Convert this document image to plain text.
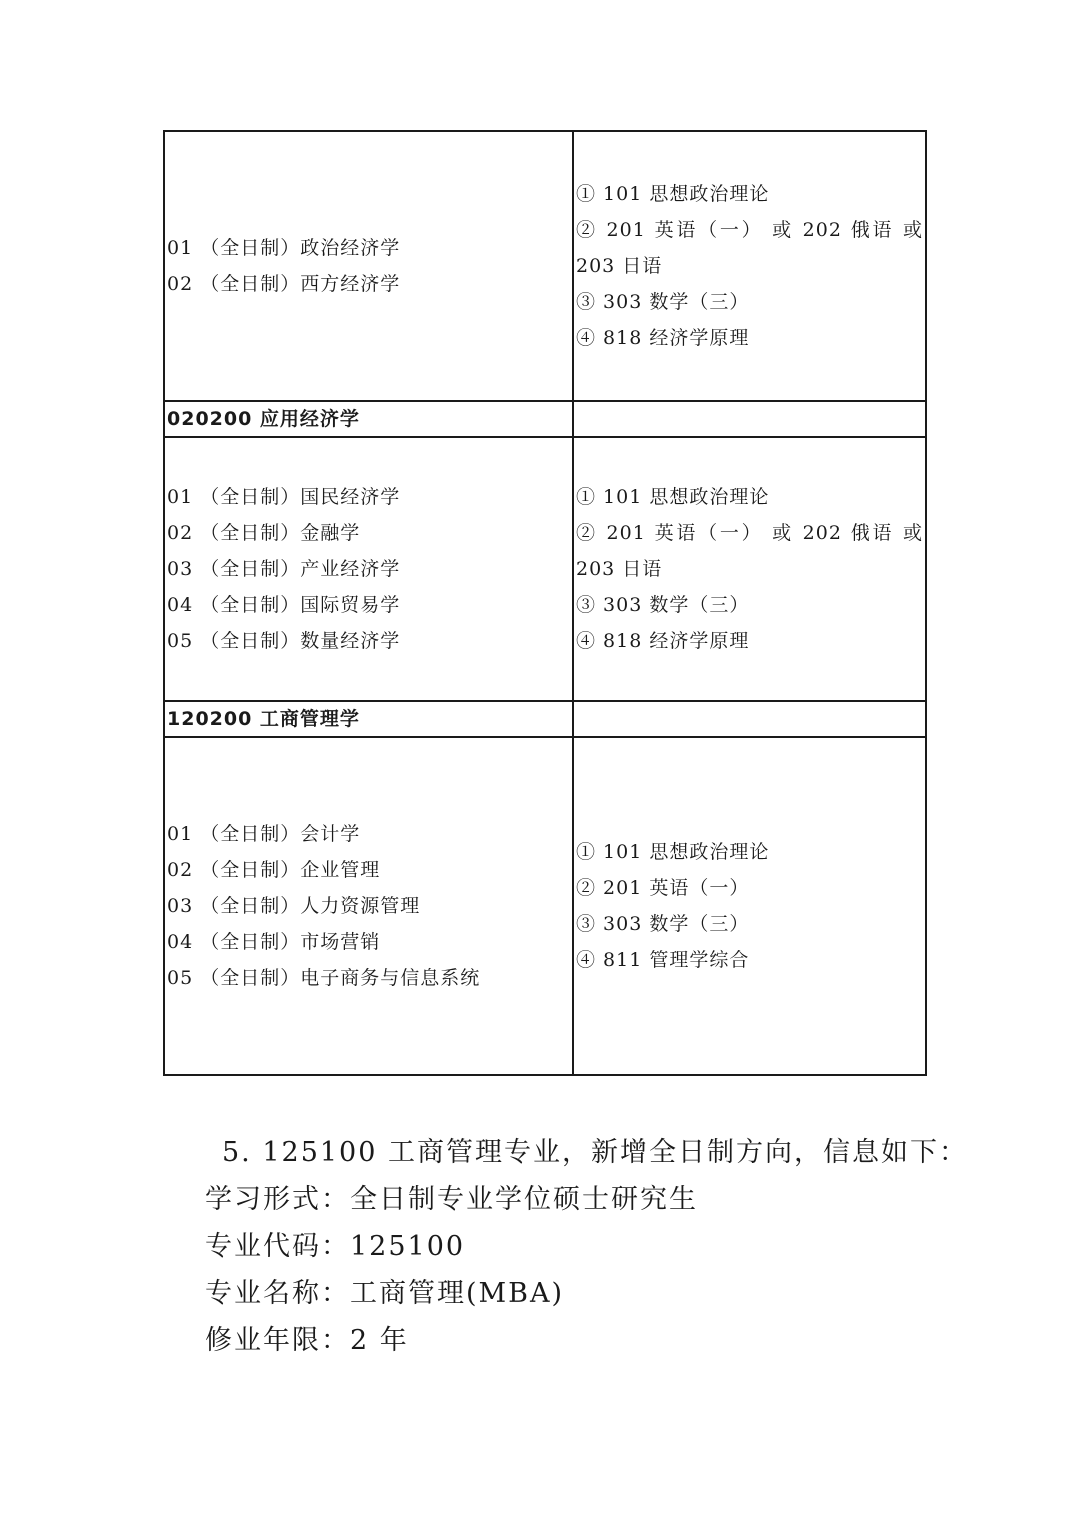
01 （全日制）政治经济学
02 （全日制）西方经济学	① 101 思想政治理论
② 201 英语（一） 或 202 俄语 或
203 日语
③ 303 数学（三）
④ 818 经济学原理

020200 应用经济学	

01 （全日制）国民经济学
02 （全日制）金融学
03 （全日制）产业经济学
04 （全日制）国际贸易学
05 （全日制）数量经济学	① 101 思想政治理论
② 201 英语（一） 或 202 俄语 或
203 日语
③ 303 数学（三）
④ 818 经济学原理

120200 工商管理学	

01 （全日制）会计学
02 （全日制）企业管理
03 （全日制）人力资源管理
04 （全日制）市场营销
05 （全日制）电子商务与信息系统	① 101 思想政治理论
② 201 英语（一）
③ 303 数学（三）
④ 811 管理学综合
5. 125100 工商管理专业，新增全日制方向，信息如下：
学习形式：全日制专业学位硕士研究生
专业代码：125100
专业名称：工商管理(MBA)
修业年限：2 年
